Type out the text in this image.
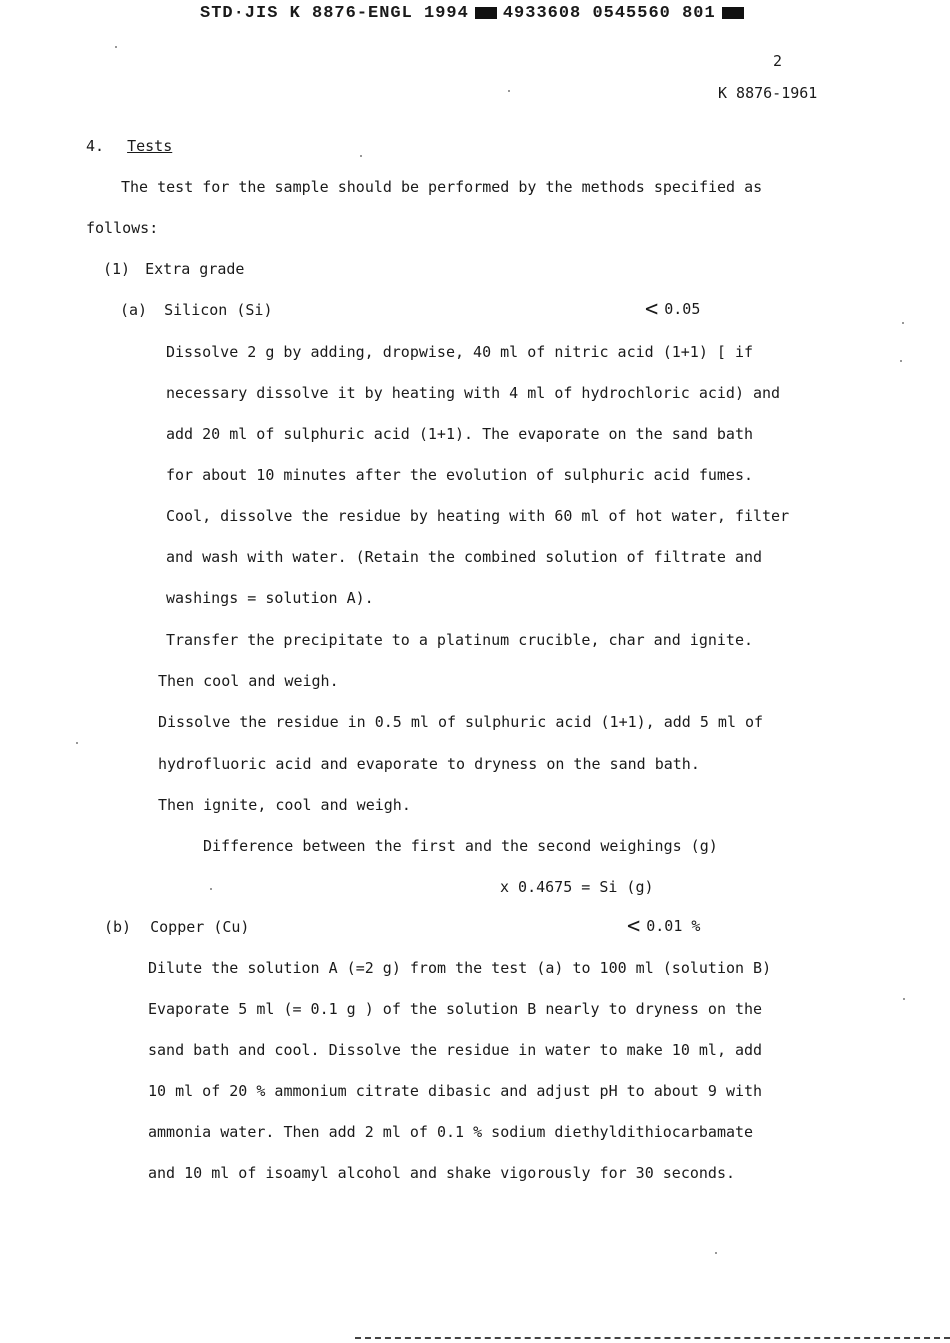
STD·JIS K 8876-ENGL 1994 4933608 0545560 801
2
K 8876-1961
4. Tests
The test for the sample should be performed by the methods specified as
follows:
(1) Extra grade
(a) Silicon (Si)	< 0.05
Dissolve 2 g by adding, dropwise, 40 ml of nitric acid (1+1) [ if
necessary dissolve it by heating with 4 ml of hydrochloric acid) and
add 20 ml of sulphuric acid (1+1). The evaporate on the sand bath
for about 10 minutes after the evolution of sulphuric acid fumes.
Cool, dissolve the residue by heating with 60 ml of hot water, filter
and wash with water. (Retain the combined solution of filtrate and
washings = solution A).
Transfer the precipitate to a platinum crucible, char and ignite.
Then cool and weigh.
Dissolve the residue in 0.5 ml of sulphuric acid (1+1), add 5 ml of
hydrofluoric acid and evaporate to dryness on the sand bath.
Then ignite, cool and weigh.
Difference between the first and the second weighings (g)
x 0.4675 = Si (g)
(b) Copper (Cu)	< 0.01 %
Dilute the solution A (=2 g) from the test (a) to 100 ml (solution B)
Evaporate 5 ml (= 0.1 g ) of the solution B nearly to dryness on the
sand bath and cool. Dissolve the residue in water to make 10 ml, add
10 ml of 20 % ammonium citrate dibasic and adjust pH to about 9 with
ammonia water. Then add 2 ml of 0.1 % sodium diethyldithiocarbamate
and 10 ml of isoamyl alcohol and shake vigorously for 30 seconds.
